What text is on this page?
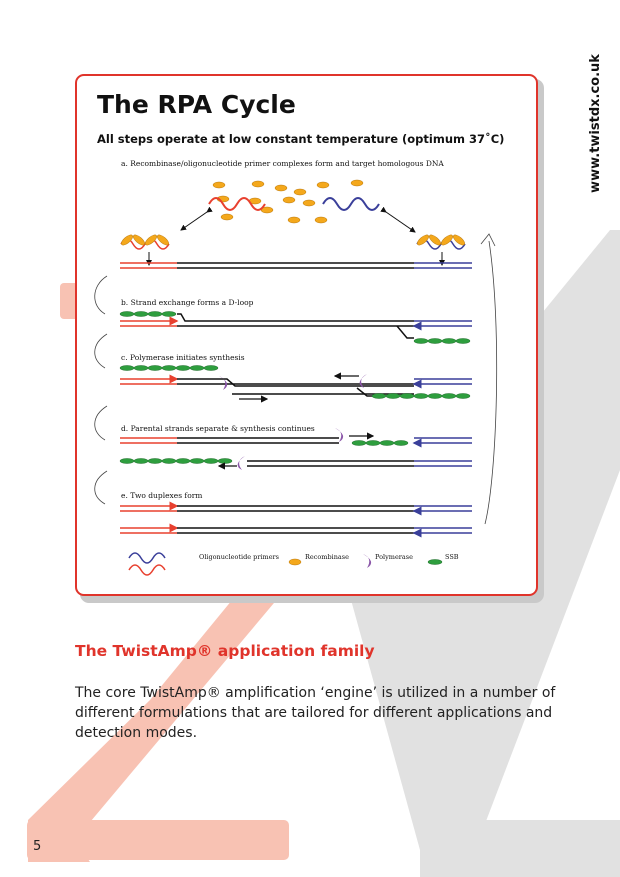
www.twistdx.co.uk
The RPA Cycle

All steps operate at low constant temperature (optimum 37˚C)

a. Recombinase/oligonucleotide primer complexes form and target homologous DNA

b. Strand exchange forms a D-loop

c. Polymerase initiates synthesis

d. Parental strands separate & synthesis continues

e. Two duplexes form

Oligonucleotide primers	Recombinase	Polymerase	SSB
The TwistAmp® application family

The core TwistAmp® amplification ‘engine’ is utilized in a number of different formulations that are tailored for different applications and detection modes.

5
